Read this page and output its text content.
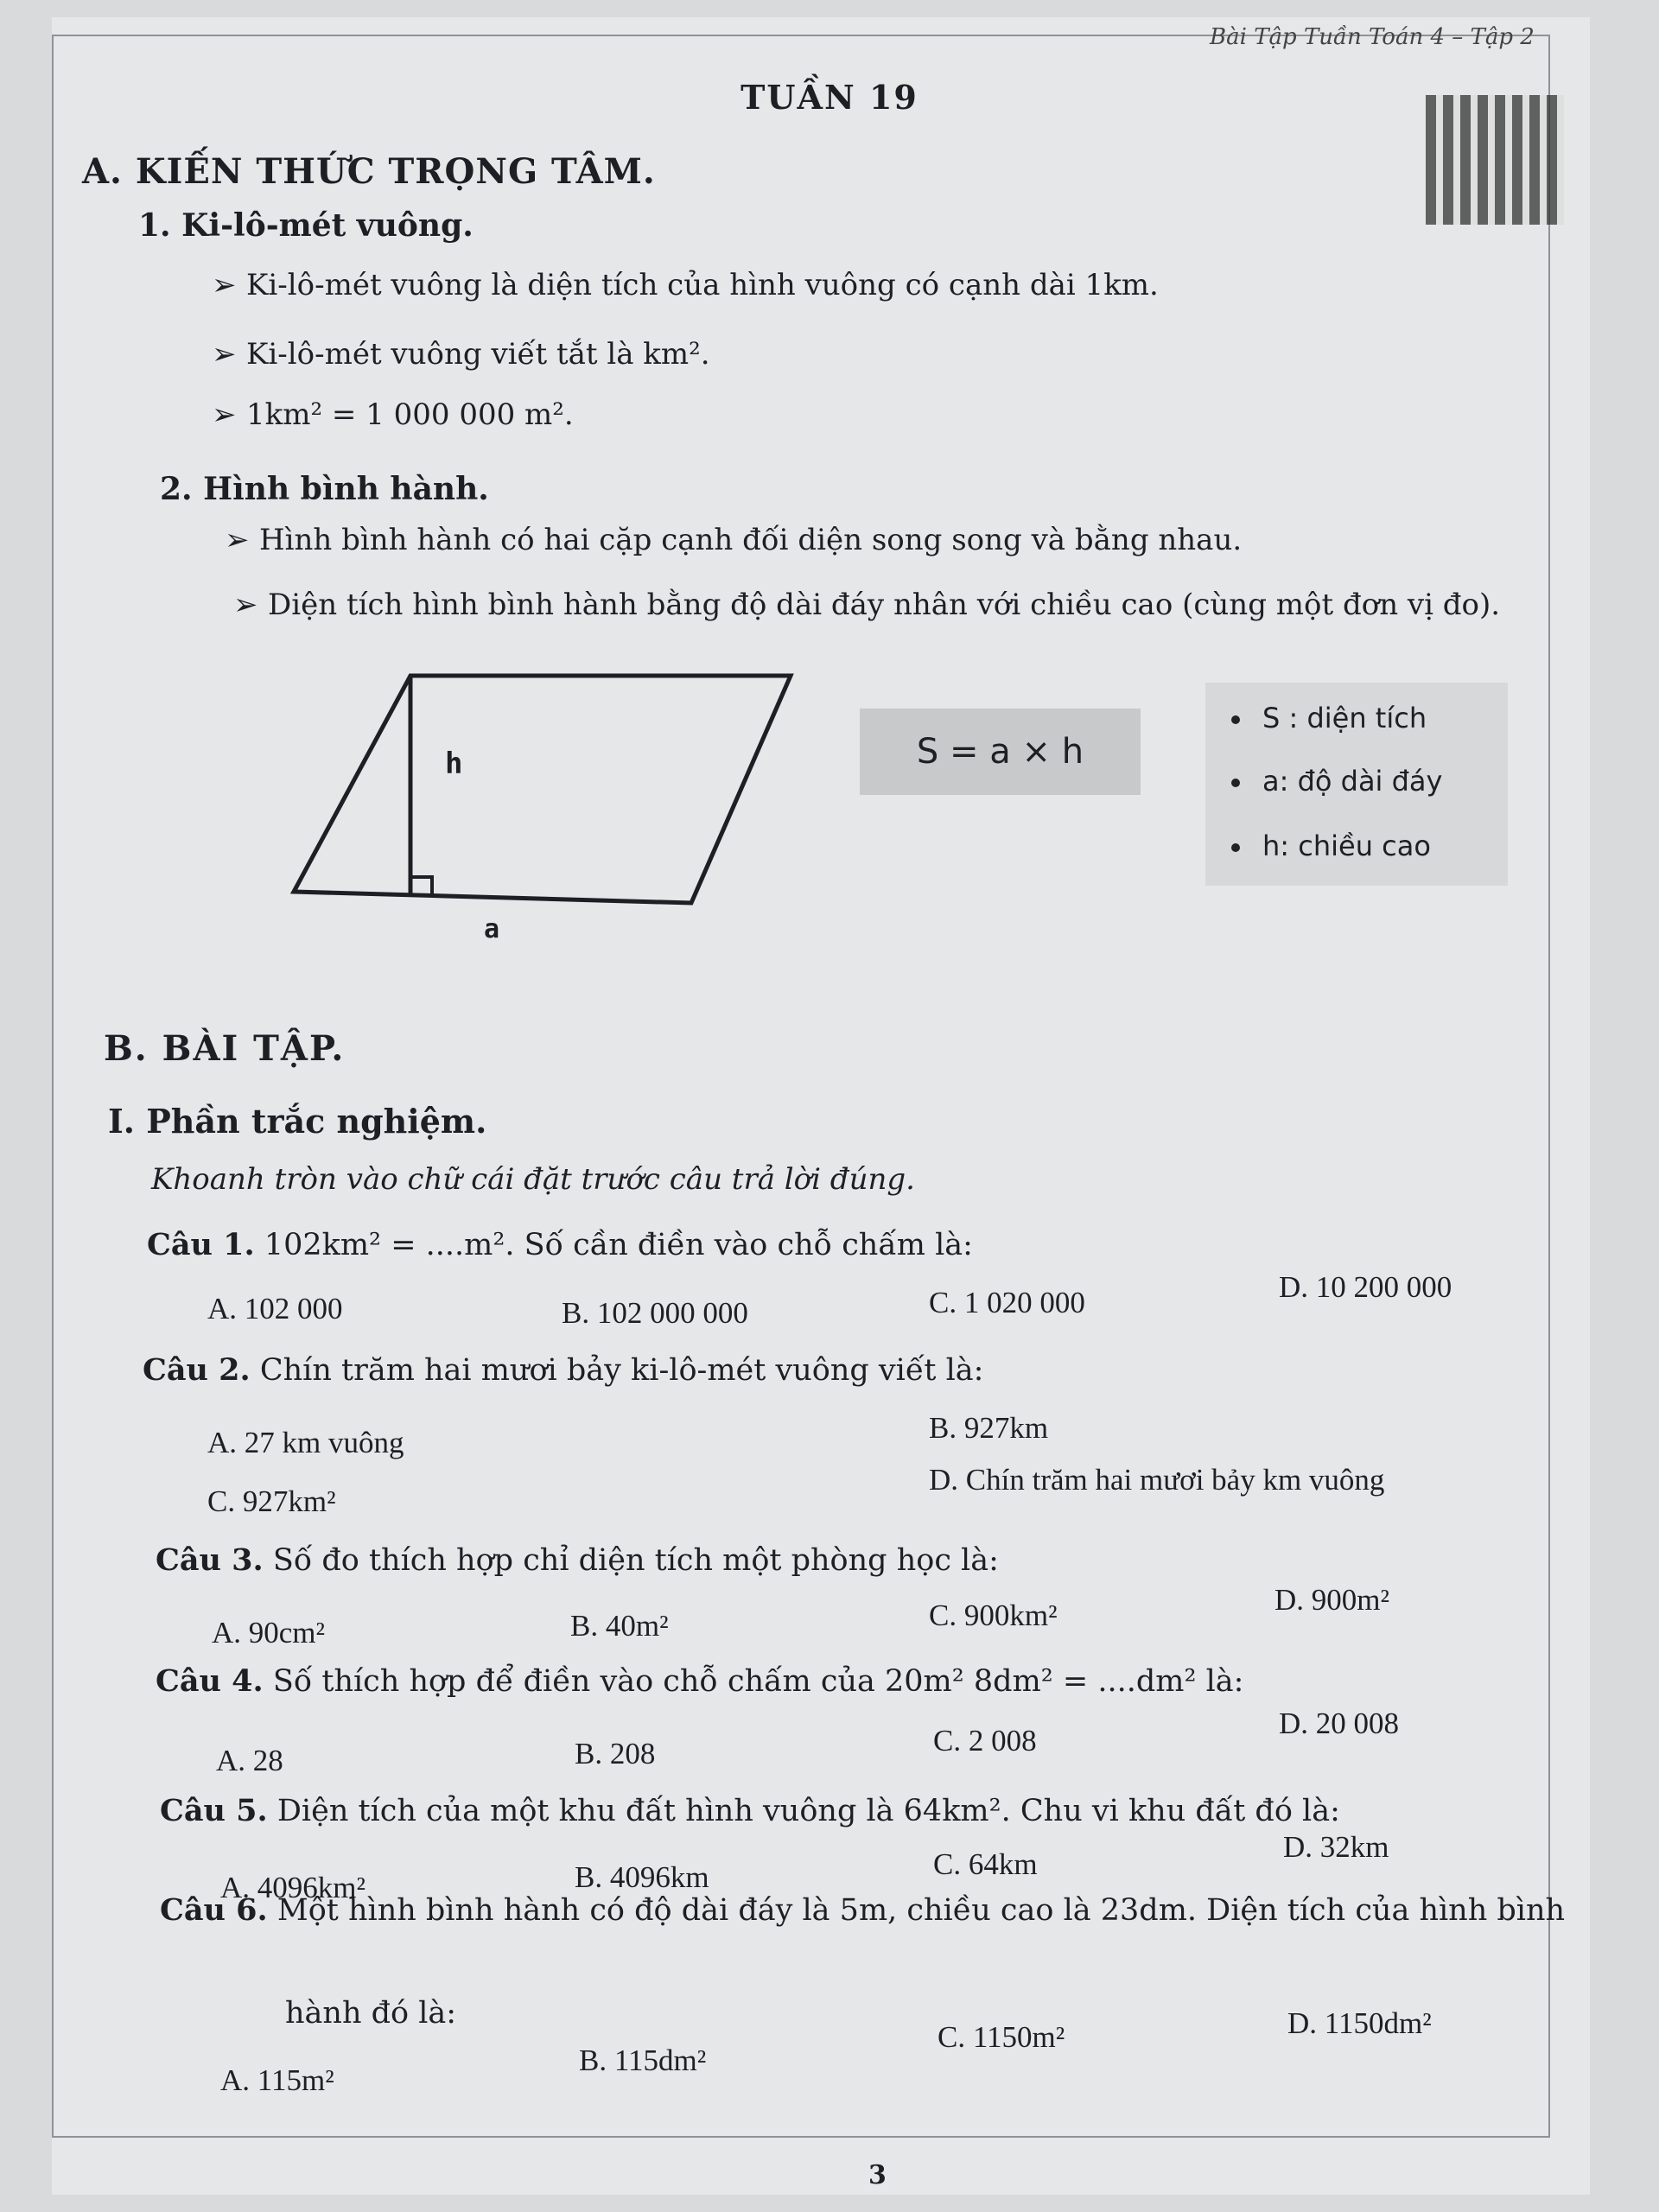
Bài Tập Tuần Toán 4 – Tập 2
TUẦN 19
A. KIẾN THỨC TRỌNG TÂM.
1. Ki-lô-mét vuông.
➢ Ki-lô-mét vuông là diện tích của hình vuông có cạnh dài 1km.
➢ Ki-lô-mét vuông viết tắt là km².
➢ 1km² = 1 000 000 m².
2. Hình bình hành.
➢ Hình bình hành có hai cặp cạnh đối diện song song và bằng nhau.
➢ Diện tích hình bình hành bằng độ dài đáy nhân với chiều cao (cùng một đơn vị đo).
h
a
S = a × h
S : diện tích
a: độ dài đáy
h: chiều cao
B. BÀI TẬP.
I. Phần trắc nghiệm.
Khoanh tròn vào chữ cái đặt trước câu trả lời đúng.
Câu 1. 102km² = ....m². Số cần điền vào chỗ chấm là:
A. 102 000	B. 102 000 000	C. 1 020 000	D. 10 200 000
Câu 2. Chín trăm hai mươi bảy ki-lô-mét vuông viết là:
A. 27 km vuông	B. 927km
C. 927km²
D. Chín trăm hai mươi bảy km vuông
Câu 3. Số đo thích hợp chỉ diện tích một phòng học là:
A. 90cm²	B. 40m²	C. 900km²	D. 900m²
Câu 4. Số thích hợp để điền vào chỗ chấm của 20m² 8dm² = ....dm² là:
A. 28	B. 208	C. 2 008
D. 20 008
Câu 5. Diện tích của một khu đất hình vuông là 64km². Chu vi khu đất đó là:
A. 4096km²	B. 4096km	C. 64km
D. 32km
Câu 6. Một hình bình hành có độ dài đáy là 5m, chiều cao là 23dm. Diện tích của hình bình
hành đó là:
A. 115m²
B. 115dm²
C. 1150m²	D. 1150dm²
3
